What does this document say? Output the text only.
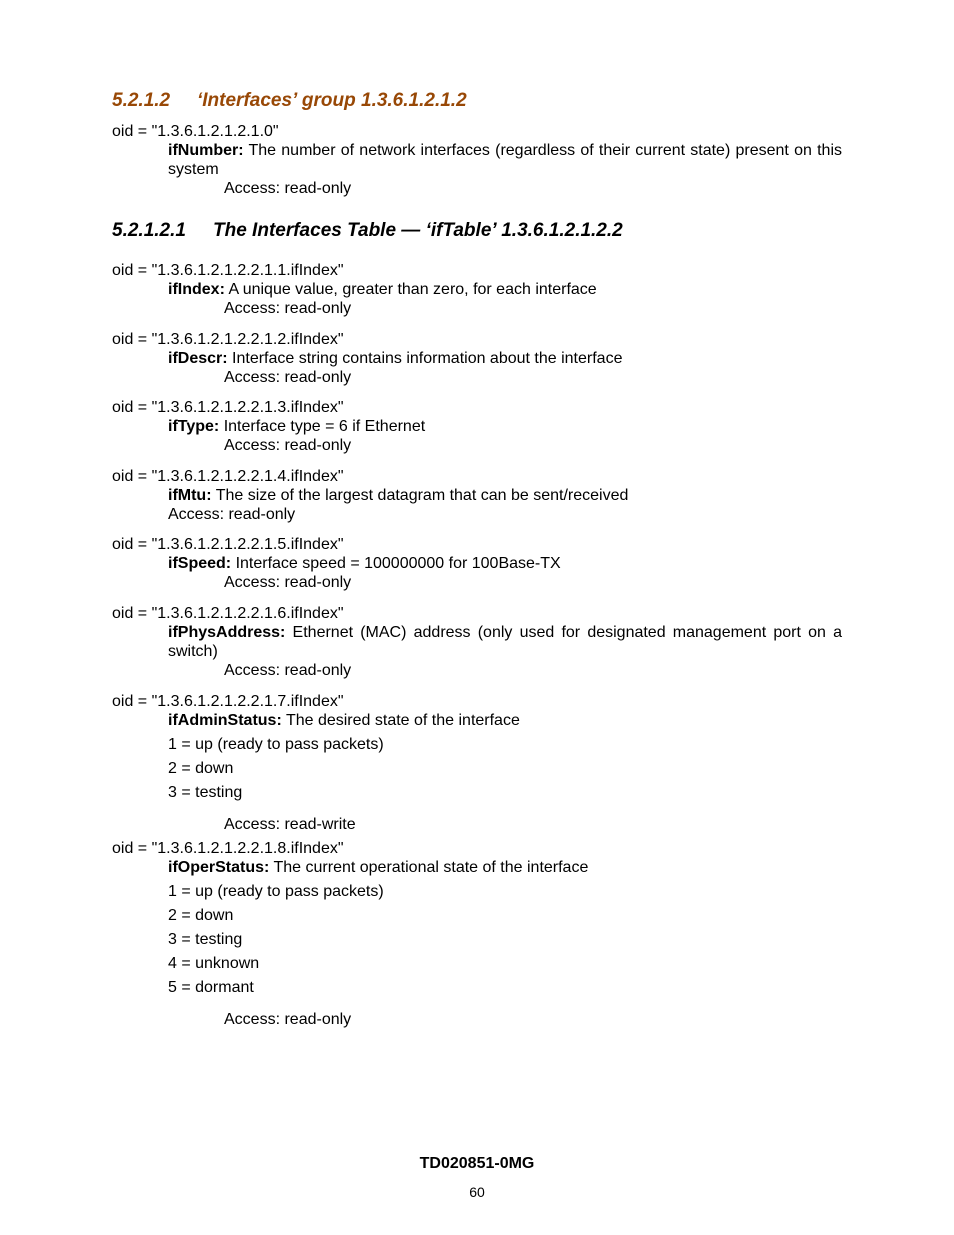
5.2.1.2 ‘Interfaces’ group 1.3.6.1.2.1.2

oid = "1.3.6.1.2.1.2.1.0"

ifNumber: The number of network interfaces (regardless of their current state) present on this system

Access: read-only

5.2.1.2.1 The Interfaces Table — ‘ifTable’ 1.3.6.1.2.1.2.2

oid = "1.3.6.1.2.1.2.2.1.1.ifIndex"

ifIndex: A unique value, greater than zero, for each interface

Access: read-only

oid = "1.3.6.1.2.1.2.2.1.2.ifIndex"

ifDescr: Interface string contains information about the interface

Access: read-only

oid = "1.3.6.1.2.1.2.2.1.3.ifIndex"

ifType: Interface type = 6 if Ethernet

Access: read-only

oid = "1.3.6.1.2.1.2.2.1.4.ifIndex"

ifMtu: The size of the largest datagram that can be sent/received

Access: read-only

oid = "1.3.6.1.2.1.2.2.1.5.ifIndex"

ifSpeed: Interface speed = 100000000 for 100Base-TX

Access: read-only

oid = "1.3.6.1.2.1.2.2.1.6.ifIndex"

ifPhysAddress: Ethernet (MAC) address (only used for designated management port on a switch)

Access: read-only

oid = "1.3.6.1.2.1.2.2.1.7.ifIndex"

ifAdminStatus: The desired state of the interface

1 = up (ready to pass packets)

2 = down

3 = testing

Access: read-write

oid = "1.3.6.1.2.1.2.2.1.8.ifIndex"

ifOperStatus: The current operational state of the interface

1 = up (ready to pass packets)

2 = down

3 = testing

4 = unknown

5 = dormant

Access: read-only

TD020851-0MG
60
